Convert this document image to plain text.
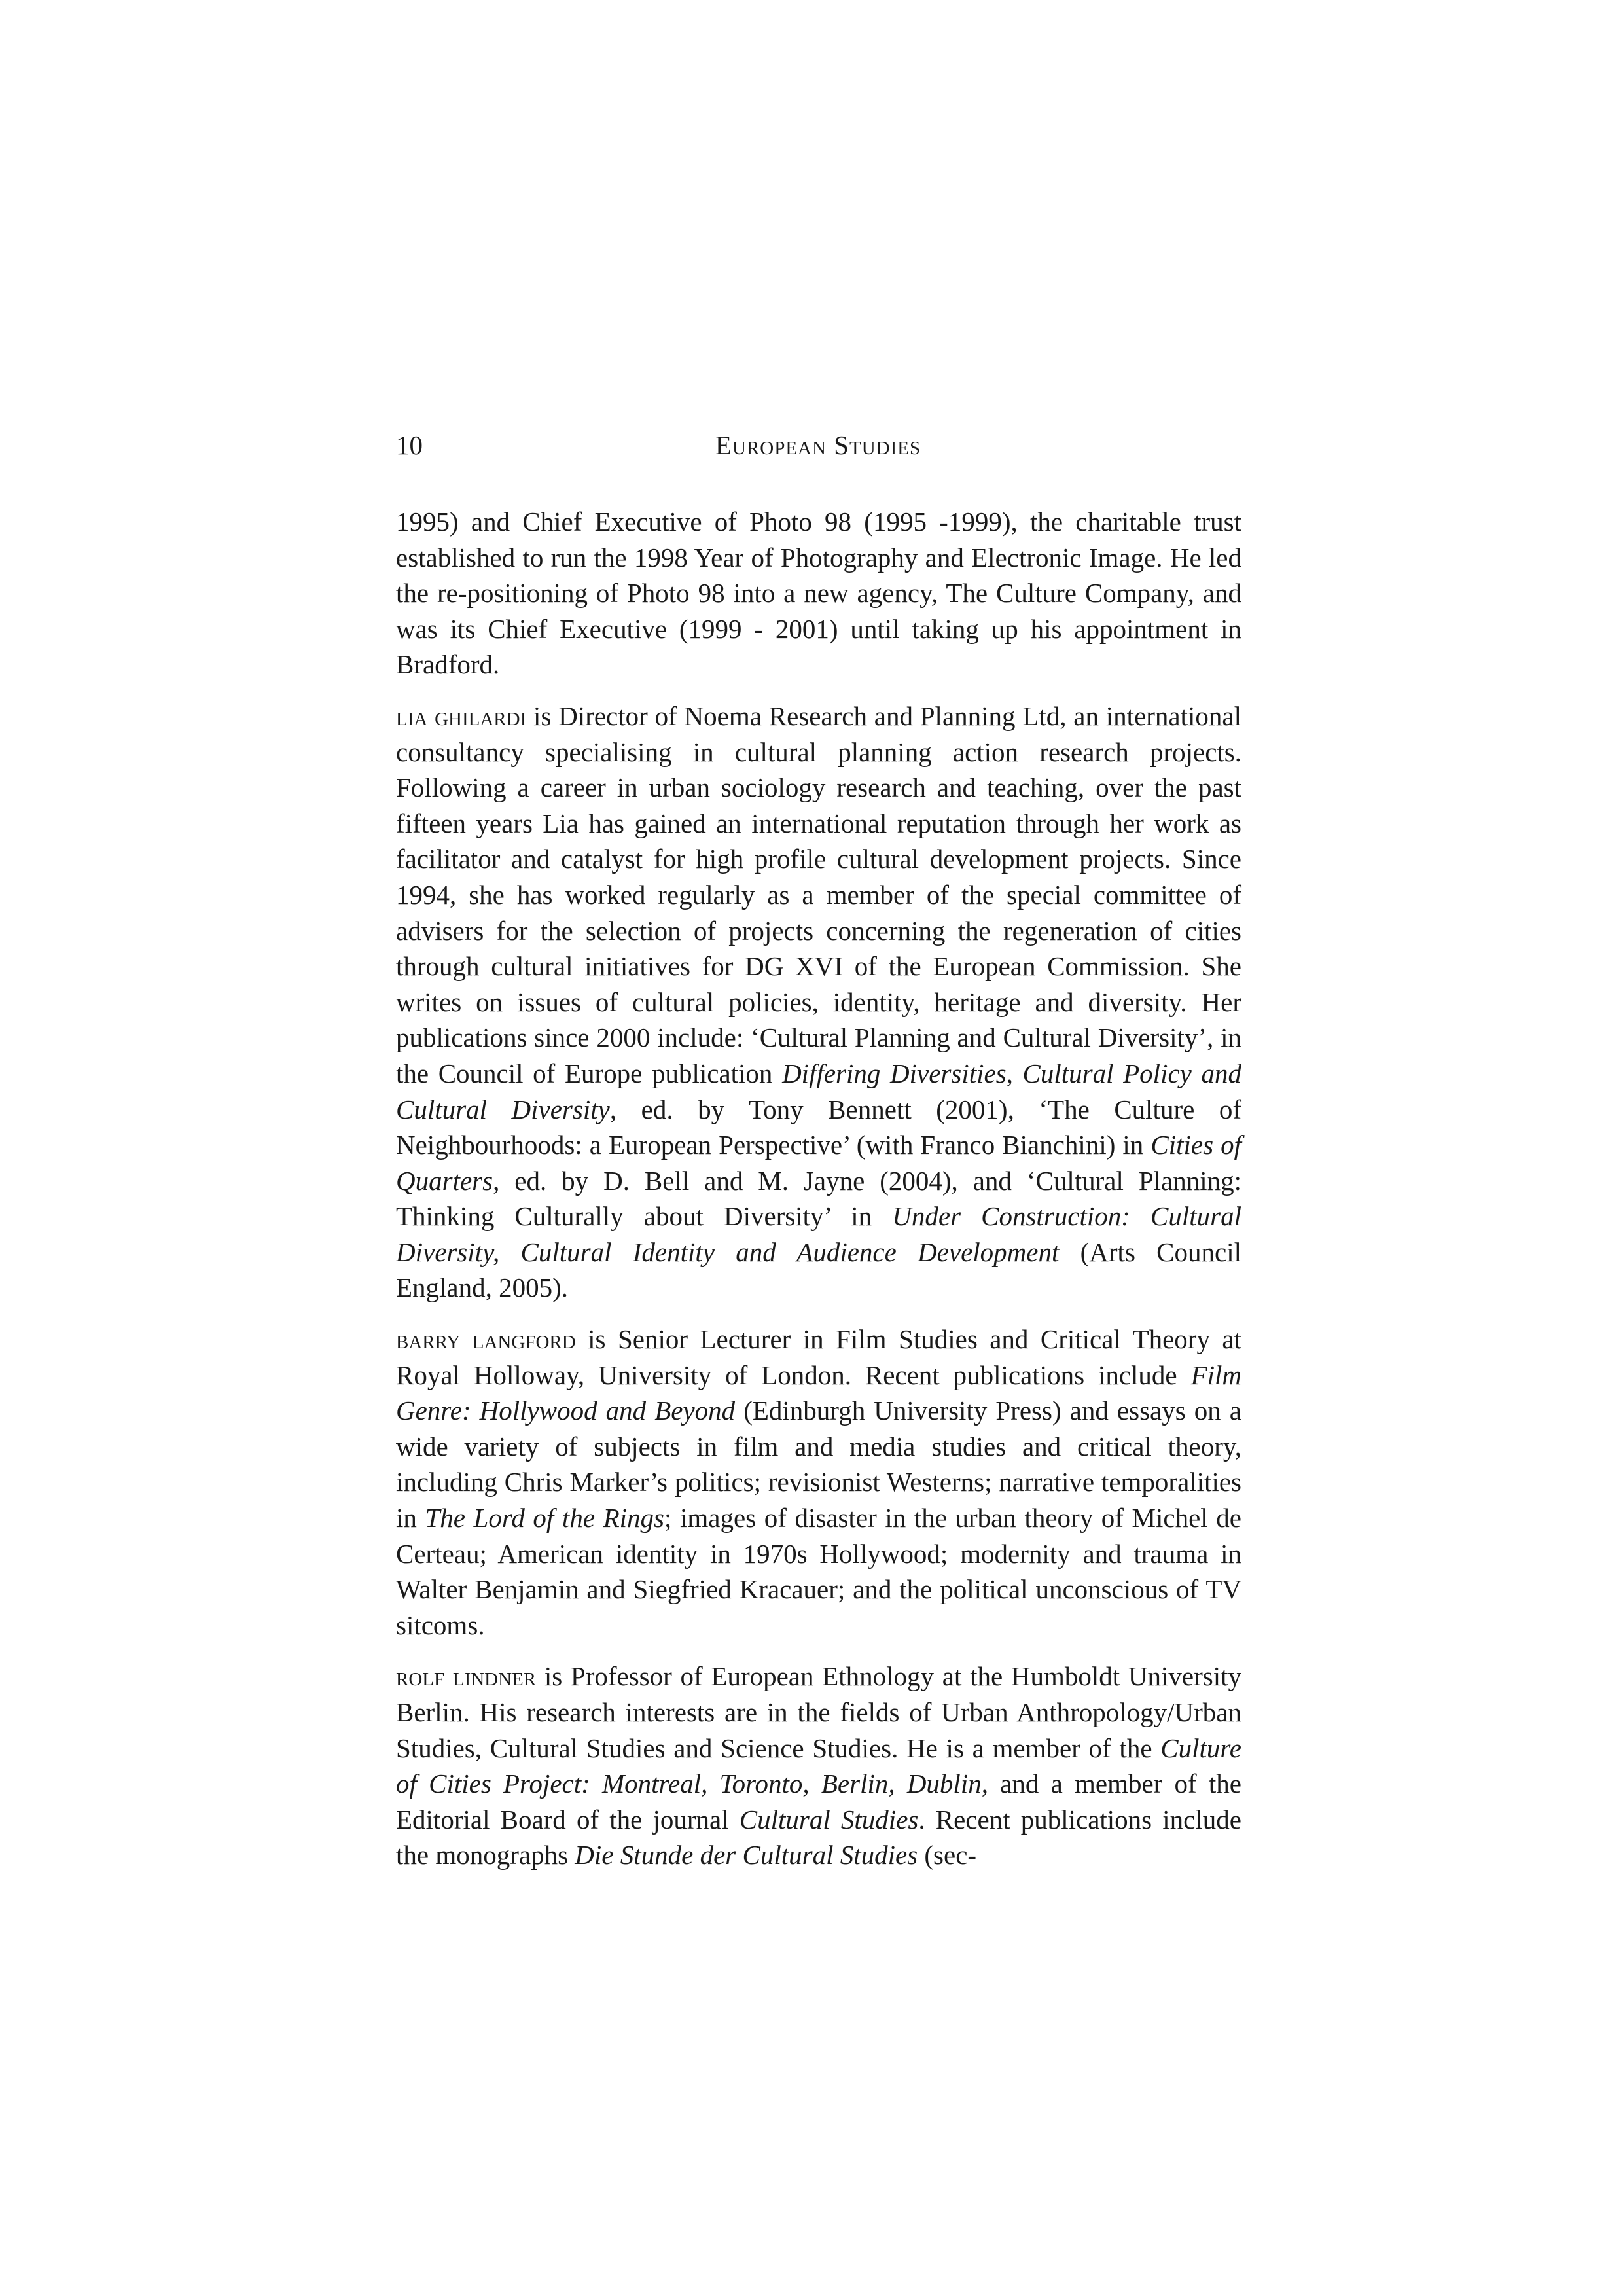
10	European Studies

1995) and Chief Executive of Photo 98 (1995 -1999), the charitable trust established to run the 1998 Year of Photography and Electronic Image. He led the re-positioning of Photo 98 into a new agency, The Culture Company, and was its Chief Executive (1999 - 2001) until taking up his appointment in Bradford.

lia ghilardi is Director of Noema Research and Planning Ltd, an international consultancy specialising in cultural planning action research projects. Following a career in urban sociology research and teaching, over the past fifteen years Lia has gained an international reputation through her work as facilitator and catalyst for high profile cultural development projects. Since 1994, she has worked regularly as a member of the special committee of advisers for the selection of projects concerning the regeneration of cities through cultural initiatives for DG XVI of the European Commission. She writes on issues of cultural policies, identity, heritage and diversity. Her publications since 2000 include: ‘Cultural Planning and Cultural Diversity’, in the Council of Europe publication Differing Diversities, Cultural Policy and Cultural Diversity, ed. by Tony Bennett (2001), ‘The Culture of Neighbourhoods: a European Perspective’ (with Franco Bianchini) in Cities of Quarters, ed. by D. Bell and M. Jayne (2004), and ‘Cultural Planning: Thinking Culturally about Diversity’ in Under Construction: Cultural Diversity, Cultural Identity and Audience Development (Arts Council England, 2005).

barry langford is Senior Lecturer in Film Studies and Critical Theory at Royal Holloway, University of London. Recent publications include Film Genre: Hollywood and Beyond (Edinburgh University Press) and essays on a wide variety of subjects in film and media studies and critical theory, including Chris Marker’s politics; revisionist Westerns; narrative temporalities in The Lord of the Rings; images of disaster in the urban theory of Michel de Certeau; American identity in 1970s Hollywood; modernity and trauma in Walter Benjamin and Siegfried Kracauer; and the political unconscious of TV sitcoms.

rolf lindner is Professor of European Ethnology at the Humboldt University Berlin. His research interests are in the fields of Urban Anthropology/Urban Studies, Cultural Studies and Science Studies. He is a member of the Culture of Cities Project: Montreal, Toronto, Berlin, Dublin, and a member of the Editorial Board of the journal Cultural Studies. Recent publications include the monographs Die Stunde der Cultural Studies (sec-
